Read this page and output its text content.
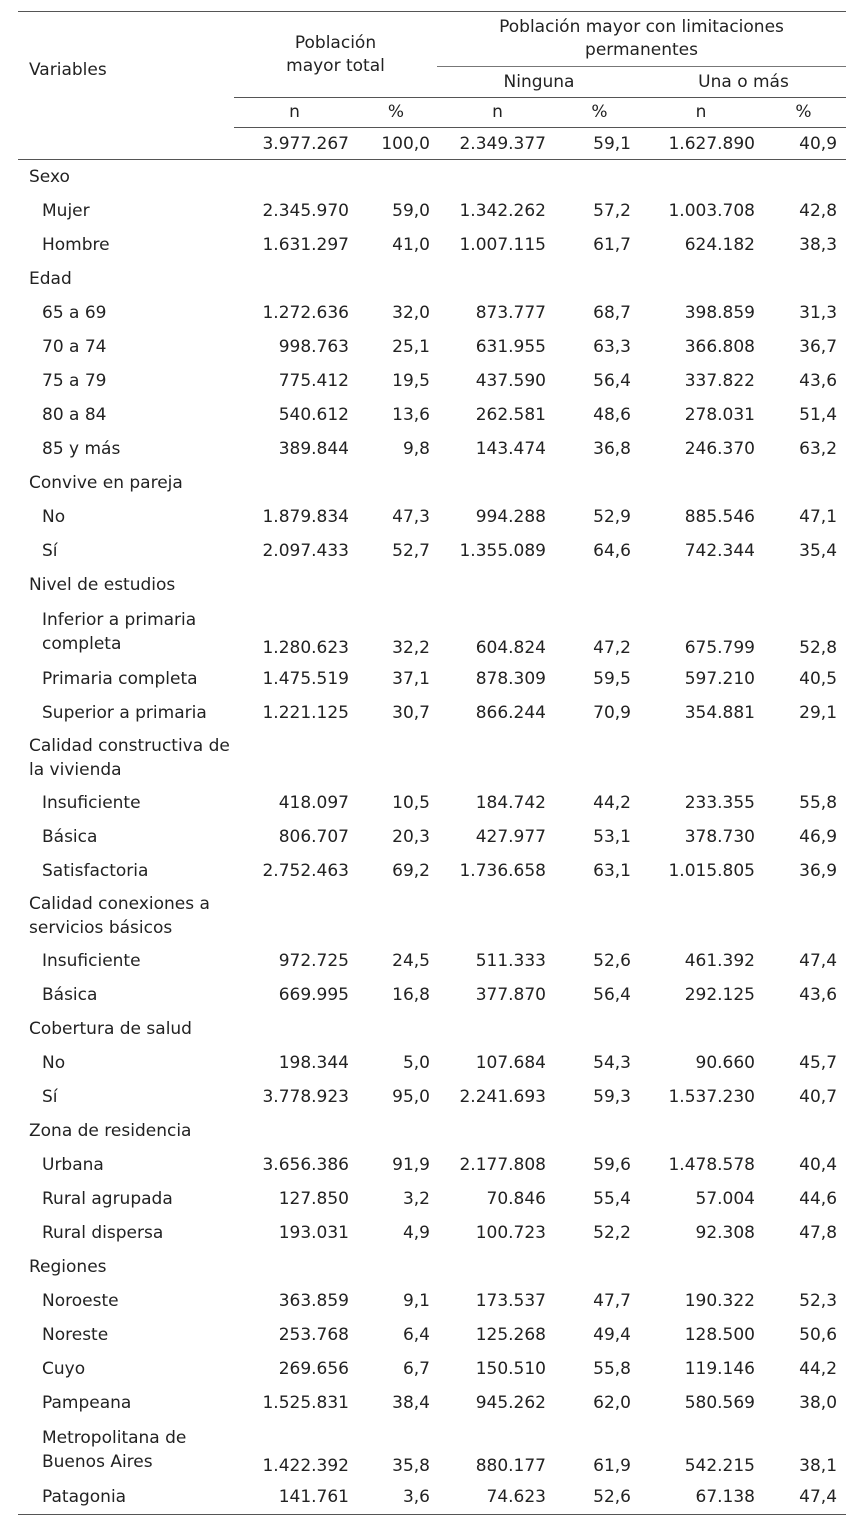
Variables	Población mayor total		Población mayor con limitaciones permanentes			
			Ninguna		Una o más	
	n	%	n	%	n	%
	3.977.267	100,0	2.349.377	59,1	1.627.890	40,9
Sexo						
Mujer	2.345.970	59,0	1.342.262	57,2	1.003.708	42,8
Hombre	1.631.297	41,0	1.007.115	61,7	624.182	38,3
Edad						
65 a 69	1.272.636	32,0	873.777	68,7	398.859	31,3
70 a 74	998.763	25,1	631.955	63,3	366.808	36,7
75 a 79	775.412	19,5	437.590	56,4	337.822	43,6
80 a 84	540.612	13,6	262.581	48,6	278.031	51,4
85 y más	389.844	9,8	143.474	36,8	246.370	63,2
Convive en pareja						
No	1.879.834	47,3	994.288	52,9	885.546	47,1
Sí	2.097.433	52,7	1.355.089	64,6	742.344	35,4
Nivel de estudios						
Inferior a primaria completa	1.280.623	32,2	604.824	47,2	675.799	52,8
Primaria completa	1.475.519	37,1	878.309	59,5	597.210	40,5
Superior a primaria	1.221.125	30,7	866.244	70,9	354.881	29,1
Calidad constructiva de la vivienda						
Insuficiente	418.097	10,5	184.742	44,2	233.355	55,8
Básica	806.707	20,3	427.977	53,1	378.730	46,9
Satisfactoria	2.752.463	69,2	1.736.658	63,1	1.015.805	36,9
Calidad conexiones a servicios básicos						
Insuficiente	972.725	24,5	511.333	52,6	461.392	47,4
Básica	669.995	16,8	377.870	56,4	292.125	43,6
Cobertura de salud						
No	198.344	5,0	107.684	54,3	90.660	45,7
Sí	3.778.923	95,0	2.241.693	59,3	1.537.230	40,7
Zona de residencia						
Urbana	3.656.386	91,9	2.177.808	59,6	1.478.578	40,4
Rural agrupada	127.850	3,2	70.846	55,4	57.004	44,6
Rural dispersa	193.031	4,9	100.723	52,2	92.308	47,8
Regiones						
Noroeste	363.859	9,1	173.537	47,7	190.322	52,3
Noreste	253.768	6,4	125.268	49,4	128.500	50,6
Cuyo	269.656	6,7	150.510	55,8	119.146	44,2
Pampeana	1.525.831	38,4	945.262	62,0	580.569	38,0
Metropolitana de Buenos Aires	1.422.392	35,8	880.177	61,9	542.215	38,1
Patagonia	141.761	3,6	74.623	52,6	67.138	47,4
